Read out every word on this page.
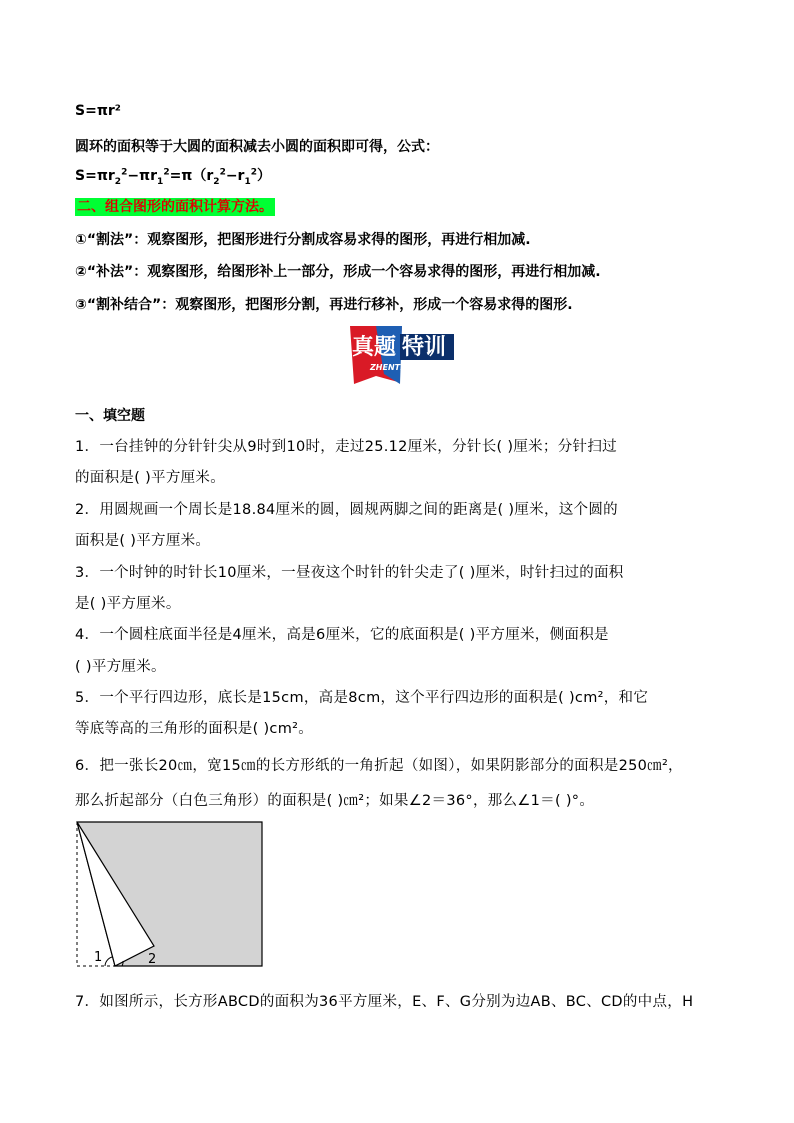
S=πr²
圆环的面积等于大圆的面积减去小圆的面积即可得，公式：
$S=\pi r_2^2-\pi r_1^2=\pi(r_2^2-r_1^2)$
二、组合图形的面积计算方法。
①“割法”：观察图形，把图形进行分割成容易求得的图形，再进行相加减.
②“补法”：观察图形，给图形补上一部分，形成一个容易求得的图形，再进行相加减.
③“割补结合”：观察图形，把图形分割，再进行移补，形成一个容易求得的图形.
真题 特训
ZHENTITEXUN
一、填空题
1．一台挂钟的分针针尖从9时到10时，走过25.12厘米，分针长( )厘米；分针扫过
的面积是( )平方厘米。
2．用圆规画一个周长是18.84厘米的圆，圆规两脚之间的距离是( )厘米，这个圆的
面积是( )平方厘米。
3．一个时钟的时针长10厘米，一昼夜这个时针的针尖走了( )厘米，时针扫过的面积
是( )平方厘米。
4．一个圆柱底面半径是4厘米，高是6厘米，它的底面积是( )平方厘米，侧面积是
( )平方厘米。
5．一个平行四边形，底长是15cm，高是8cm，这个平行四边形的面积是( )cm²，和它
等底等高的三角形的面积是( )cm²。
6．把一张长20㎝，宽15㎝的长方形纸的一角折起（如图），如果阴影部分的面积是250㎝²，
那么折起部分（白色三角形）的面积是( )㎝²；如果∠2＝36°，那么∠1＝( )°。
1	2
7．如图所示，长方形ABCD的面积为36平方厘米，E、F、G分别为边AB、BC、CD的中点，H
